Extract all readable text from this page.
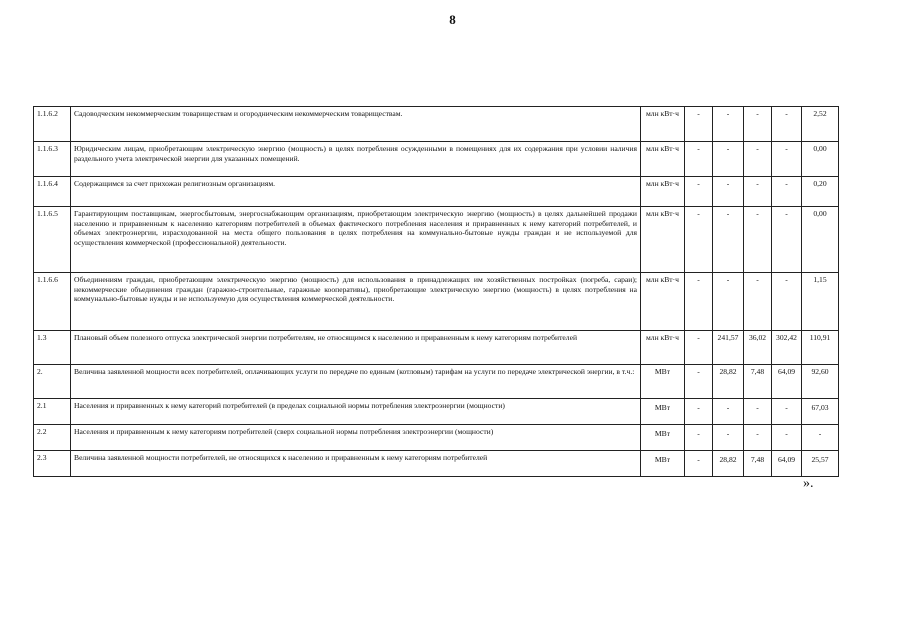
8
1.1.6.2	Садоводческим некоммерческим товариществам и огородническим некоммерческим товариществам.	млн кВт·ч	-	-	-	-	2,52
1.1.6.3	Юридическим лицам, приобретающим электрическую энергию (мощность) в целях потребления осужденными в помещениях для их содержания при условии наличия раздельного учета электрической энергии для указанных помещений.	млн кВт·ч	-	-	-	-	0,00
1.1.6.4	Содержащимся за счет прихожан религиозным организациям.	млн кВт·ч	-	-	-	-	0,20
1.1.6.5	Гарантирующим поставщикам, энергосбытовым, энергоснабжающим организациям, приобретающим электрическую энергию (мощность) в целях дальнейшей продажи населению и приравненным к населению категориям потребителей в объемах фактического потребления населения и приравненных к нему категорий потребителей, и объемах электроэнергии, израсходованной на места общего пользования в целях потребления на коммунально-бытовые нужды граждан и не используемой для осуществления коммерческой (профессиональной) деятельности.	млн кВт·ч	-	-	-	-	0,00
1.1.6.6	Объединениям граждан, приобретающим электрическую энергию (мощность) для использования в принадлежащих им хозяйственных постройках (погреба, сараи); некоммерческие объединения граждан (гаражно-строительные, гаражные кооперативы), приобретающие электрическую энергию (мощность) в целях потребления на коммунально-бытовые нужды и не используемую для осуществления коммерческой деятельности.	млн кВт·ч	-	-	-	-	1,15
1.3	Плановый объем полезного отпуска электрической энергии потребителям, не относящимся к населению и приравненным к нему категориям потребителей	млн кВт·ч	-	241,57	36,02	302,42	110,91
2.	Величина заявленной мощности всех потребителей, оплачивающих услуги по передаче по единым (котловым) тарифам на услуги по передаче электрической энергии, в т.ч.:	МВт	-	28,82	7,48	64,09	92,60
2.1	Населения и приравненных к нему категорий потребителей (в пределах социальной нормы потребления электроэнергии (мощности)	МВт	-	-	-	-	67,03
2.2	Населения и приравненным к нему категориям потребителей (сверх социальной нормы потребления электроэнергии (мощности)	МВт	-	-	-	-	-
2.3	Величина заявленной мощности потребителей, не относящихся к населению и приравненным к нему категориям потребителей	МВт	-	28,82	7,48	64,09	25,57
».
